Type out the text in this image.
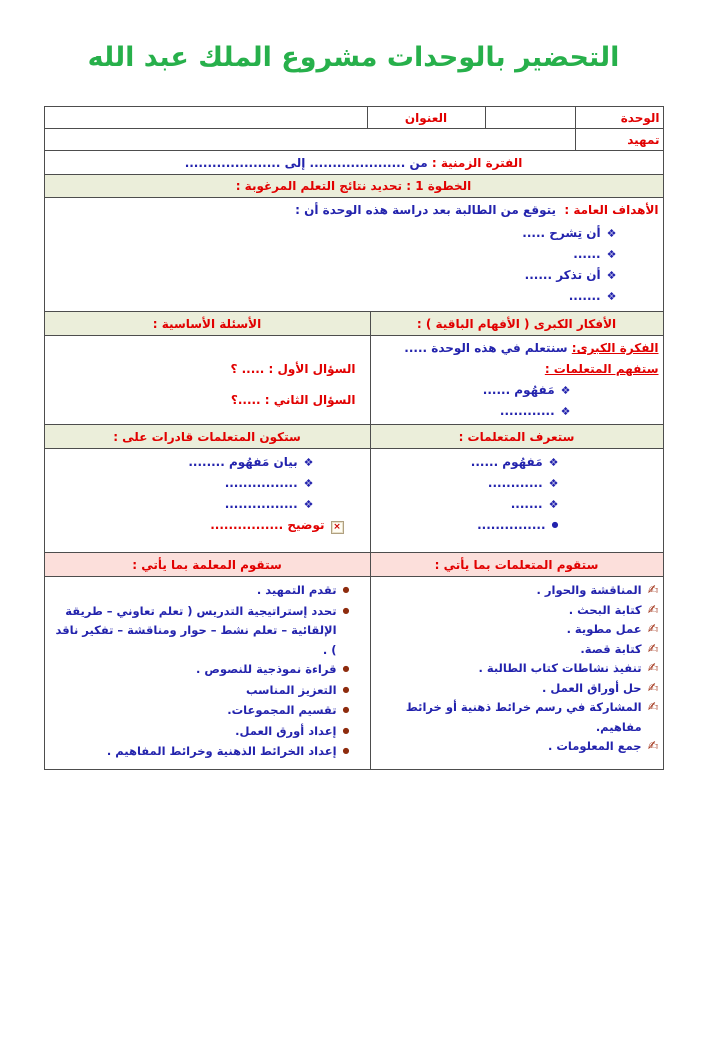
التحضير بالوحدات مشروع الملك عبد الله
الوحدة
العنوان
تمهيد
الفترة الزمنية :

من ..................... إلى .....................
الخطوة 1 : تحديد نتائج التعلم المرغوبة :
الأهداف العامة :  يتوقع من الطالبة بعد دراسة هذه الوحدة أن :
❖
أن تِشرح .....
❖
......
❖
أن تذكر ......
❖
.......
الأفكار الكبرى ( الأفهام الباقية ) :
الأسئلة الأساسية :
الفكرة الكبرى: سنتعلم في هذه الوحدة .....
ستفهم المتعلمات :
❖
مَفهُوم ......
❖
............
السؤال الأول : ..... ؟
السؤال الثاني : .....؟
ستعرف المتعلمات :
ستكون المتعلمات قادرات على :
❖
مَفهُوم ......
❖
............
❖
.......
●
...............
❖
بيان مَفهُوم ........
❖
................
❖
................
×
توضيح ................
ستقوم المتعلمات بما يأتي :
ستقوم المعلمة بما يأتي :
✍
المناقشة والحوار .
✍
كتابة البحث .
✍
عمل مطوية .
✍
كتابة قصة.
✍
تنفيذ نشاطات كتاب الطالبة .
✍
حل أوراق العمل .
✍
المشاركة في رسم خرائط ذهنية أو خرائط مفاهيم.
✍
جمع المعلومات .
●
تقدم التمهيد .
●
تحدد إستراتيجية التدريس ( تعلم تعاوني – طريقة الإلقائية – تعلم نشط – حوار ومناقشة – تفكير ناقد ) .
●
قراءة نموذجية للنصوص .
●
التعزيز المناسب
●
تقسيم المجموعات.
●
إعداد أورق العمل.
●
إعداد الخرائط الذهنية وخرائط المفاهيم .
